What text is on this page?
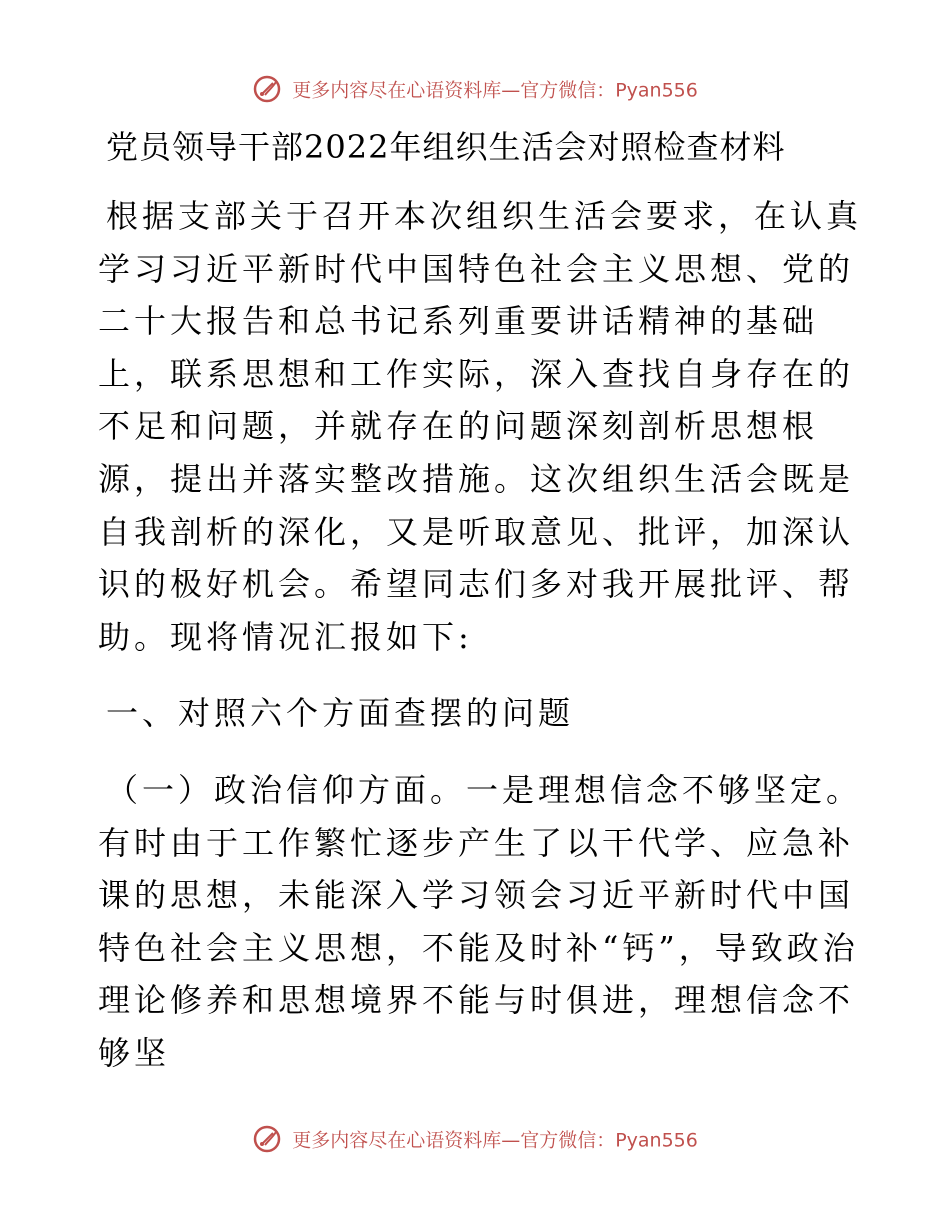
更多内容尽在心语资料库—官方微信：Pyan556
党员领导干部2022年组织生活会对照检查材料

根据支部关于召开本次组织生活会要求，在认真学习习近平新时代中国特色社会主义思想、党的二十大报告和总书记系列重要讲话精神的基础上，联系思想和工作实际，深入查找自身存在的不足和问题，并就存在的问题深刻剖析思想根源，提出并落实整改措施。这次组织生活会既是自我剖析的深化，又是听取意见、批评，加深认识的极好机会。希望同志们多对我开展批评、帮助。现将情况汇报如下:

一、对照六个方面查摆的问题

（一）政治信仰方面。一是理想信念不够坚定。有时由于工作繁忙逐步产生了以干代学、应急补课的思想，未能深入学习领会习近平新时代中国特色社会主义思想，不能及时补“钙”，导致政治理论修养和思想境界不能与时俱进，理想信念不够坚

更多内容尽在心语资料库—官方微信：Pyan556
